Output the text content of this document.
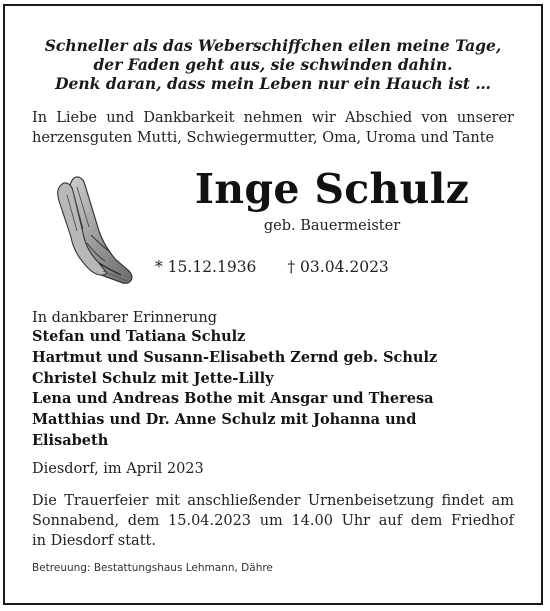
Schneller als das Weberschiffchen eilen meine Tage,
der Faden geht aus, sie schwinden dahin.
Denk daran, dass mein Leben nur ein Hauch ist …
In Liebe und Dankbarkeit nehmen wir Abschied von unserer herzensguten Mutti, Schwiegermutter, Oma, Uroma und Tante
Inge Schulz
geb. Bauermeister
* 15.12.1936 † 03.04.2023
In dankbarer Erinnerung
Stefan und Tatiana Schulz
Hartmut und Susann-Elisabeth Zernd geb. Schulz
Christel Schulz mit Jette-Lilly
Lena und Andreas Bothe mit Ansgar und Theresa
Matthias und Dr. Anne Schulz mit Johanna und
Elisabeth
Diesdorf, im April 2023
Die Trauerfeier mit anschließender Urnenbeisetzung findet am
Sonnabend, dem 15.04.2023 um 14.00 Uhr auf dem Friedhof
in Diesdorf statt.
Betreuung: Bestattungshaus Lehmann, Dähre
